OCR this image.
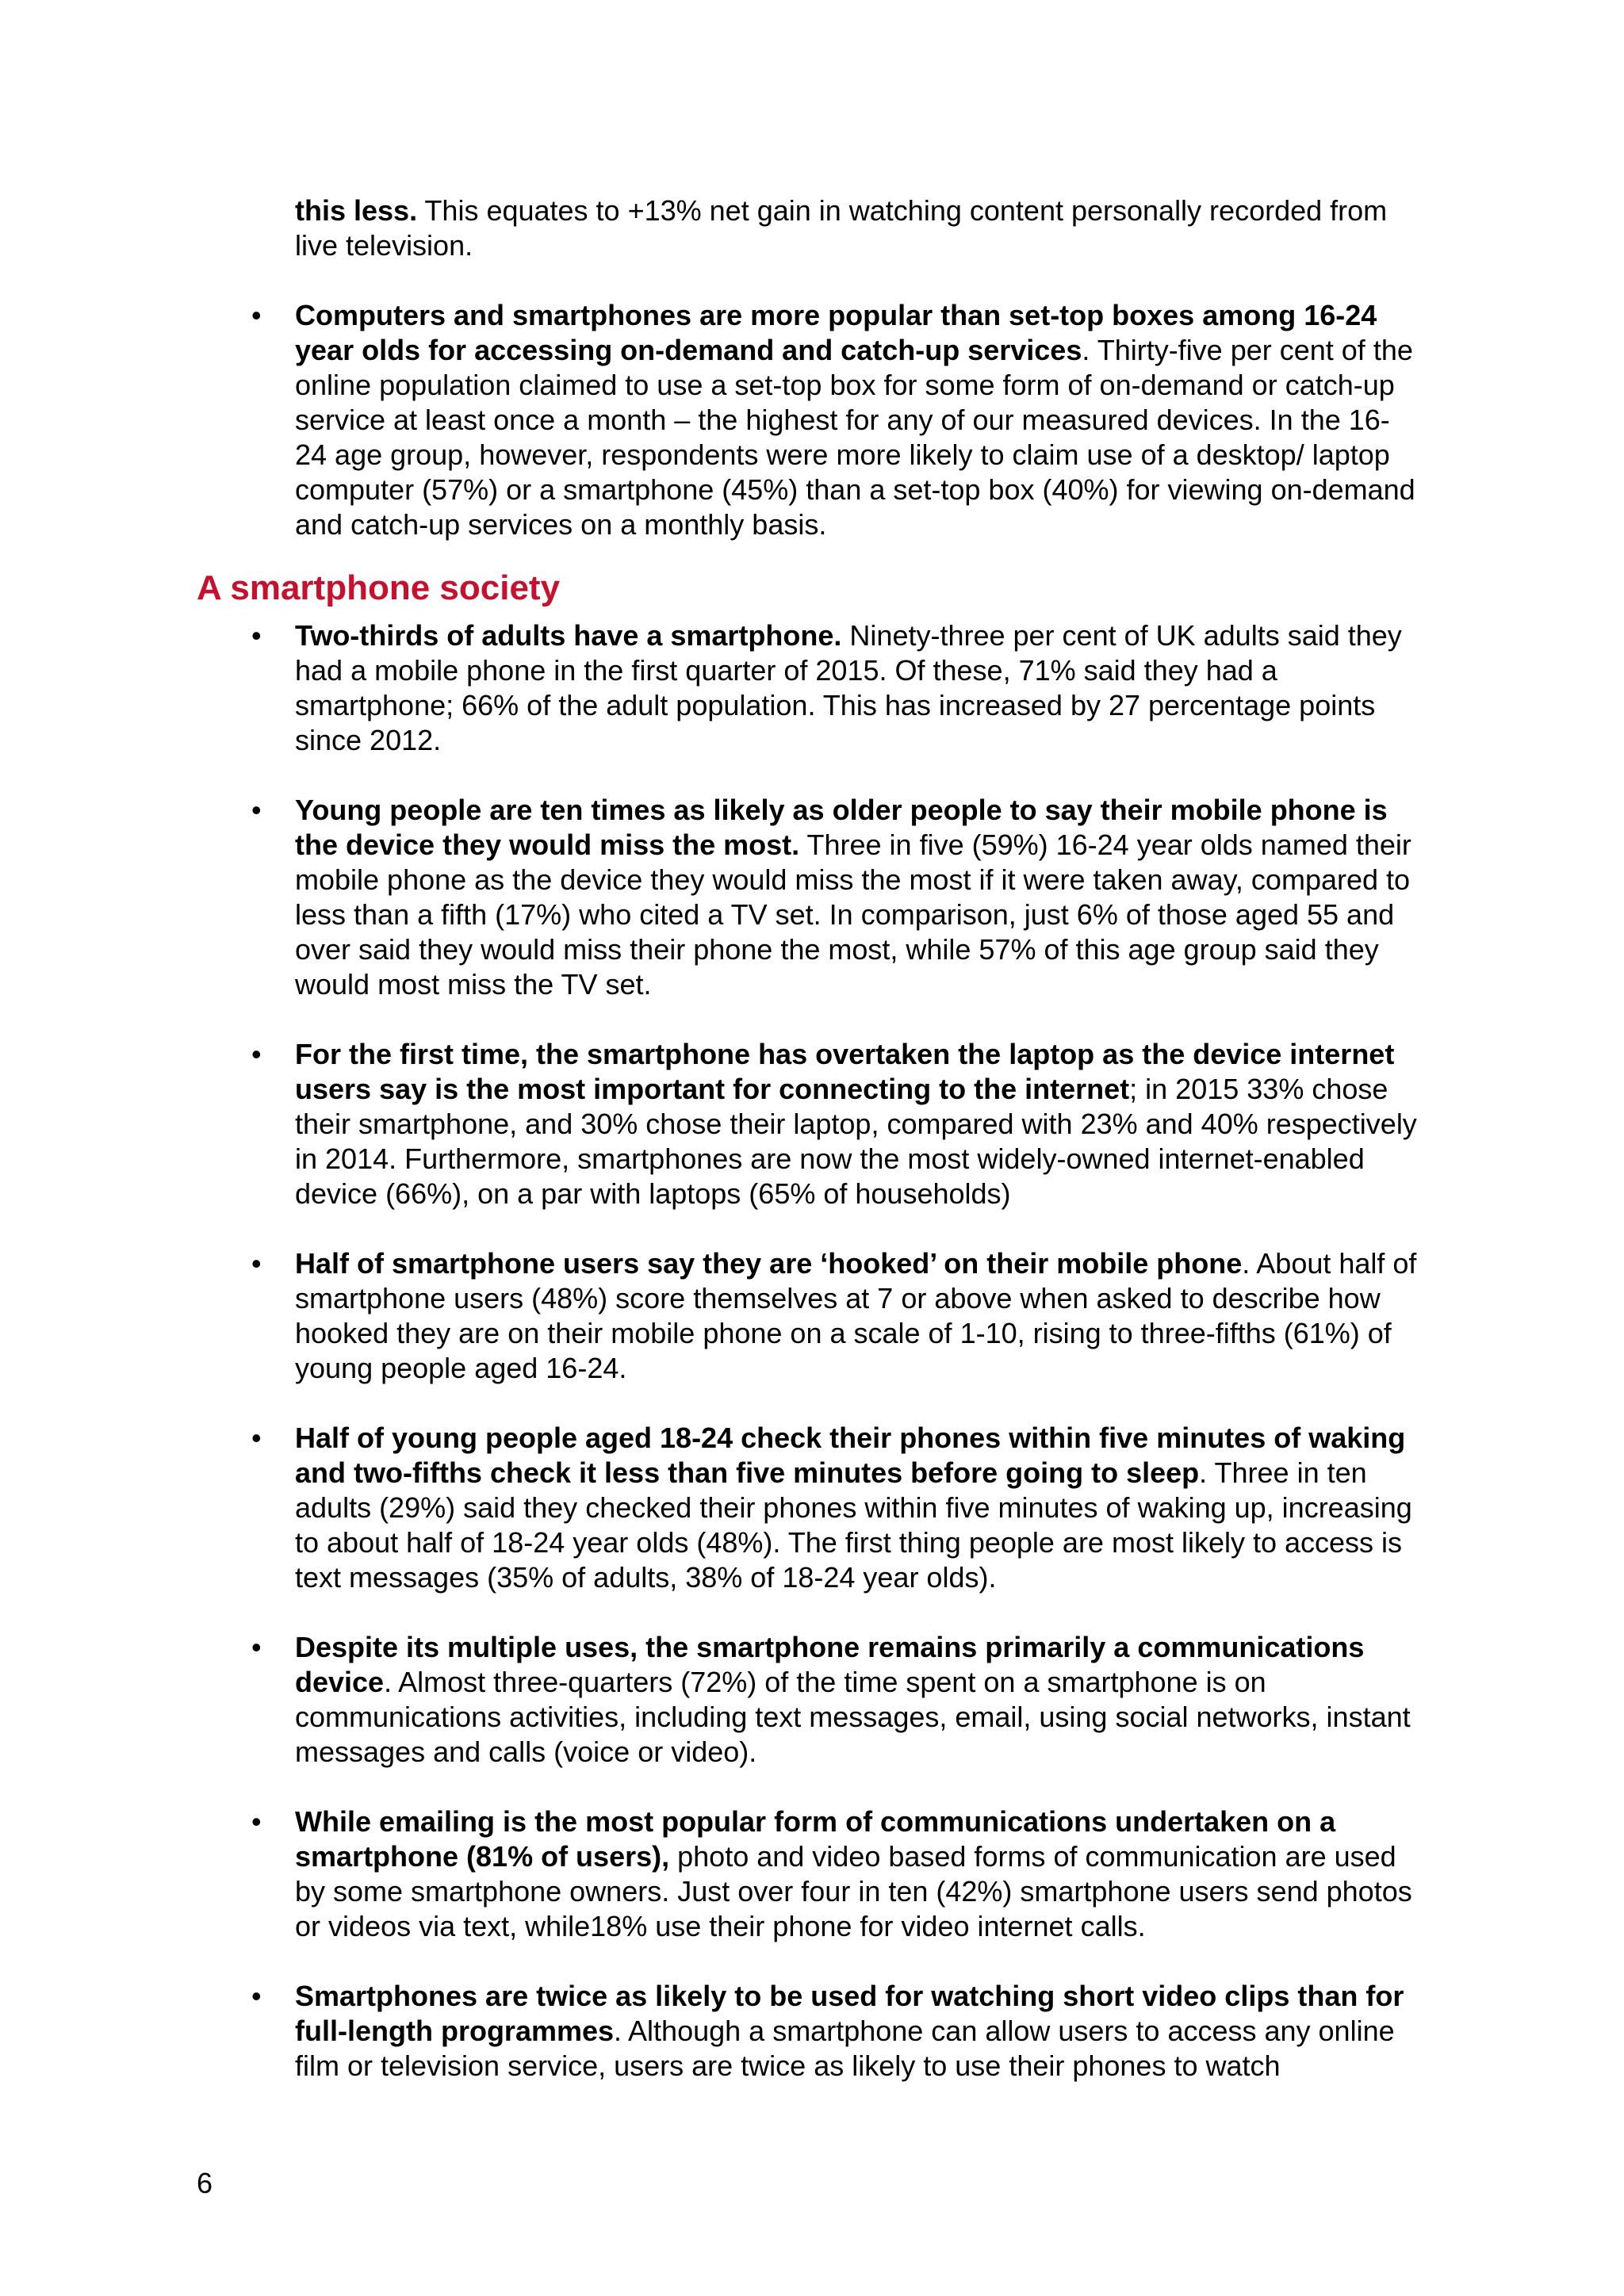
this less. This equates to +13% net gain in watching content personally recorded from live television.

• Computers and smartphones are more popular than set-top boxes among 16-24 year olds for accessing on-demand and catch-up services. Thirty-five per cent of the online population claimed to use a set-top box for some form of on-demand or catch-up service at least once a month – the highest for any of our measured devices. In the 16-24 age group, however, respondents were more likely to claim use of a desktop/ laptop computer (57%) or a smartphone (45%) than a set-top box (40%) for viewing on-demand and catch-up services on a monthly basis.
A smartphone society
• Two-thirds of adults have a smartphone. Ninety-three per cent of UK adults said they had a mobile phone in the first quarter of 2015. Of these, 71% said they had a smartphone; 66% of the adult population. This has increased by 27 percentage points since 2012.
• Young people are ten times as likely as older people to say their mobile phone is the device they would miss the most. Three in five (59%) 16-24 year olds named their mobile phone as the device they would miss the most if it were taken away, compared to less than a fifth (17%) who cited a TV set. In comparison, just 6% of those aged 55 and over said they would miss their phone the most, while 57% of this age group said they would most miss the TV set.
• For the first time, the smartphone has overtaken the laptop as the device internet users say is the most important for connecting to the internet; in 2015 33% chose their smartphone, and 30% chose their laptop, compared with 23% and 40% respectively in 2014. Furthermore, smartphones are now the most widely-owned internet-enabled device (66%), on a par with laptops (65% of households)
• Half of smartphone users say they are ‘hooked’ on their mobile phone. About half of smartphone users (48%) score themselves at 7 or above when asked to describe how hooked they are on their mobile phone on a scale of 1-10, rising to three-fifths (61%) of young people aged 16-24.
• Half of young people aged 18-24 check their phones within five minutes of waking and two-fifths check it less than five minutes before going to sleep. Three in ten adults (29%) said they checked their phones within five minutes of waking up, increasing to about half of 18-24 year olds (48%). The first thing people are most likely to access is text messages (35% of adults, 38% of 18-24 year olds).
• Despite its multiple uses, the smartphone remains primarily a communications device. Almost three-quarters (72%) of the time spent on a smartphone is on communications activities, including text messages, email, using social networks, instant messages and calls (voice or video).
• While emailing is the most popular form of communications undertaken on a smartphone (81% of users), photo and video based forms of communication are used by some smartphone owners. Just over four in ten (42%) smartphone users send photos or videos via text, while18% use their phone for video internet calls.
• Smartphones are twice as likely to be used for watching short video clips than for full-length programmes. Although a smartphone can allow users to access any online film or television service, users are twice as likely to use their phones to watch
6
